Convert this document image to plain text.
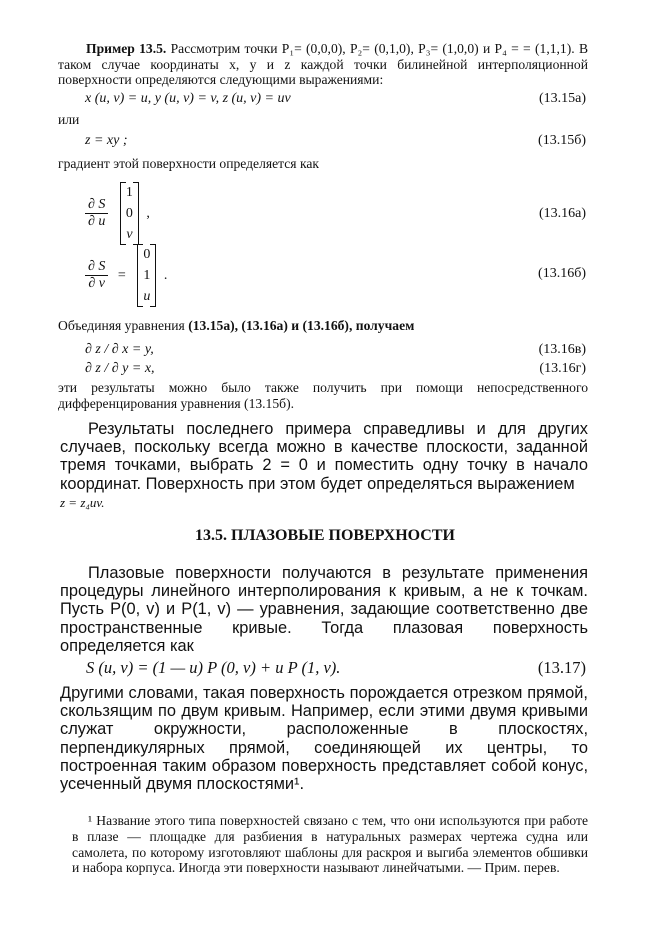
Пример 13.5. Рассмотрим точки P₁= (0,0,0), P₂= (0,1,0), P₃= (1,0,0) и P₄ = = (1,1,1). В таком случае координаты x, y и z каждой точки билинейной интерполяционной поверхности определяются следующими выражениями:
x (u, v) = u, y (u, v) = v, z (u, v) = uv	(13.15а)
или
z = xy ;	(13.15б)
градиент этой поверхности определяется как
$\frac{\partial S}{\partial u}$

1
0
v
,	(13.16а)
$\frac{\partial S}{\partial v}$ =
0
1
u
.	(13.16б)
Объединяя уравнения (13.15а), (13.16а) и (13.16б), получаем
∂ z / ∂ x = y,	(13.16в)
∂ z / ∂ y = x,	(13.16г)
эти результаты можно было также получить при помощи непосредственного дифференцирования уравнения (13.15б).
Результаты последнего примера справедливы и для других случаев, поскольку всегда можно в качестве плоскости, заданной тремя точками, выбрать 2 = 0 и поместить одну точку в начало координат. Поверхность при этом будет определяться выражением
z = z₄uv.
13.5. ПЛАЗОВЫЕ ПОВЕРХНОСТИ
Плазовые поверхности получаются в результате применения процедуры линейного интерполирования к кривым, а не к точкам. Пусть P(0, v) и P(1, v) — уравнения, задающие соответственно две пространственные кривые. Тогда плазовая поверхность определяется как
S (u, v) = (1 — u) P (0, v) + u P (1, v).	(13.17)
Другими словами, такая поверхность порождается отрезком прямой, скользящим по двум кривым. Например, если этими двумя кривыми служат окружности, расположенные в плоскостях, перпендикулярных прямой, соединяющей их центры, то построенная таким образом поверхность представляет собой конус, усеченный двумя плоскостями¹.
¹ Название этого типа поверхностей связано с тем, что они используются при работе в плазе — площадке для разбиения в натуральных размерах чертежа судна или самолета, по которому изготовляют шаблоны для раскроя и выгиба элементов обшивки и набора корпуса. Иногда эти поверхности называют линейчатыми. — Прим. перев.
